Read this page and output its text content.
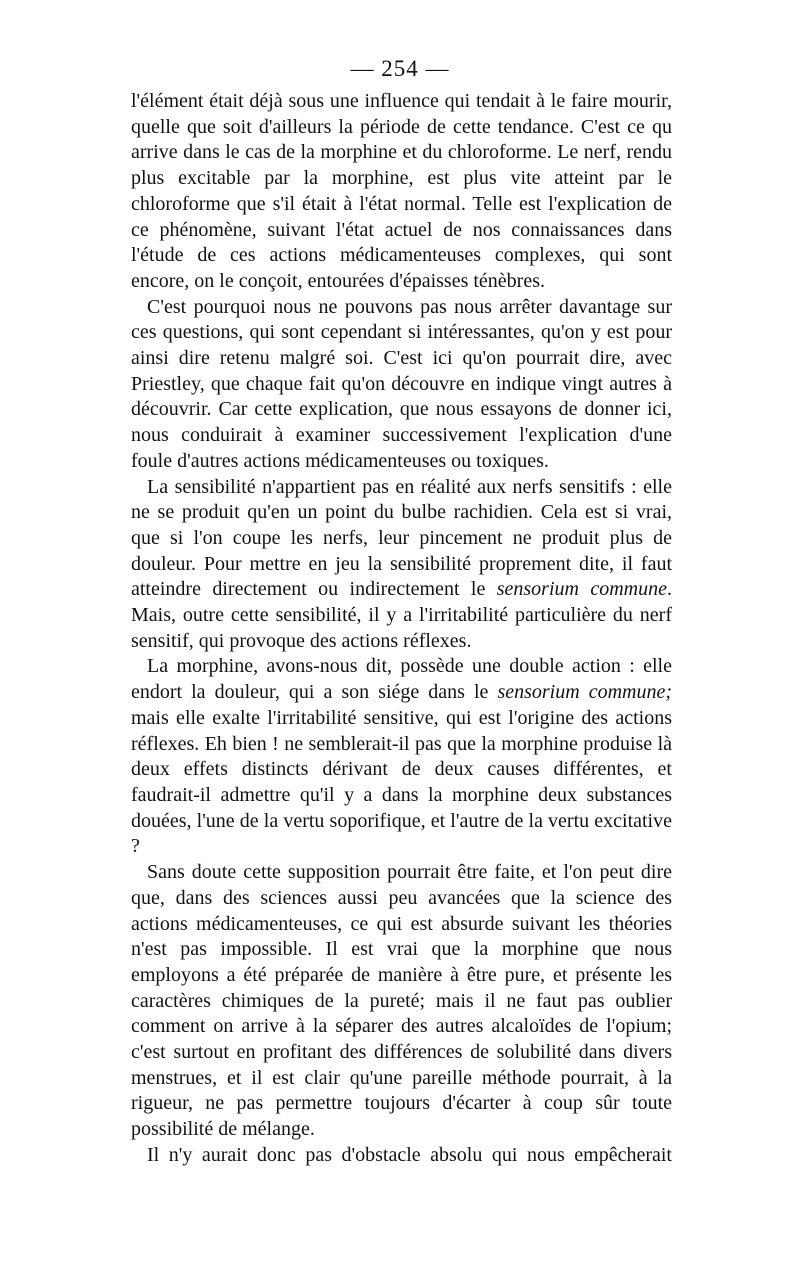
— 254 —

l'élément était déjà sous une influence qui tendait à le faire mourir, quelle que soit d'ailleurs la période de cette tendance. C'est ce qu arrive dans le cas de la morphine et du chloroforme. Le nerf, rendu plus excitable par la morphine, est plus vite atteint par le chloroforme que s'il était à l'état normal. Telle est l'explication de ce phénomène, suivant l'état actuel de nos connaissances dans l'étude de ces actions médicamenteuses complexes, qui sont encore, on le conçoit, entourées d'épaisses ténèbres.

C'est pourquoi nous ne pouvons pas nous arrêter davantage sur ces questions, qui sont cependant si intéressantes, qu'on y est pour ainsi dire retenu malgré soi. C'est ici qu'on pourrait dire, avec Priestley, que chaque fait qu'on découvre en indique vingt autres à découvrir. Car cette explication, que nous essayons de donner ici, nous conduirait à examiner successivement l'explication d'une foule d'autres actions médicamenteuses ou toxiques.

La sensibilité n'appartient pas en réalité aux nerfs sensitifs : elle ne se produit qu'en un point du bulbe rachidien. Cela est si vrai, que si l'on coupe les nerfs, leur pincement ne produit plus de douleur. Pour mettre en jeu la sensibilité proprement dite, il faut atteindre directement ou indirectement le sensorium commune. Mais, outre cette sensibilité, il y a l'irritabilité particulière du nerf sensitif, qui provoque des actions réflexes.

La morphine, avons-nous dit, possède une double action : elle endort la douleur, qui a son siége dans le sensorium commune; mais elle exalte l'irritabilité sensitive, qui est l'origine des actions réflexes. Eh bien ! ne semblerait-il pas que la morphine produise là deux effets distincts dérivant de deux causes différentes, et faudrait-il admettre qu'il y a dans la morphine deux substances douées, l'une de la vertu soporifique, et l'autre de la vertu excitative ?

Sans doute cette supposition pourrait être faite, et l'on peut dire que, dans des sciences aussi peu avancées que la science des actions médicamenteuses, ce qui est absurde suivant les théories n'est pas impossible. Il est vrai que la morphine que nous employons a été préparée de manière à être pure, et présente les caractères chimiques de la pureté; mais il ne faut pas oublier comment on arrive à la séparer des autres alcaloïdes de l'opium; c'est surtout en profitant des différences de solubilité dans divers menstrues, et il est clair qu'une pareille méthode pourrait, à la rigueur, ne pas permettre toujours d'écarter à coup sûr toute possibilité de mélange.

Il n'y aurait donc pas d'obstacle absolu qui nous empêcherait
